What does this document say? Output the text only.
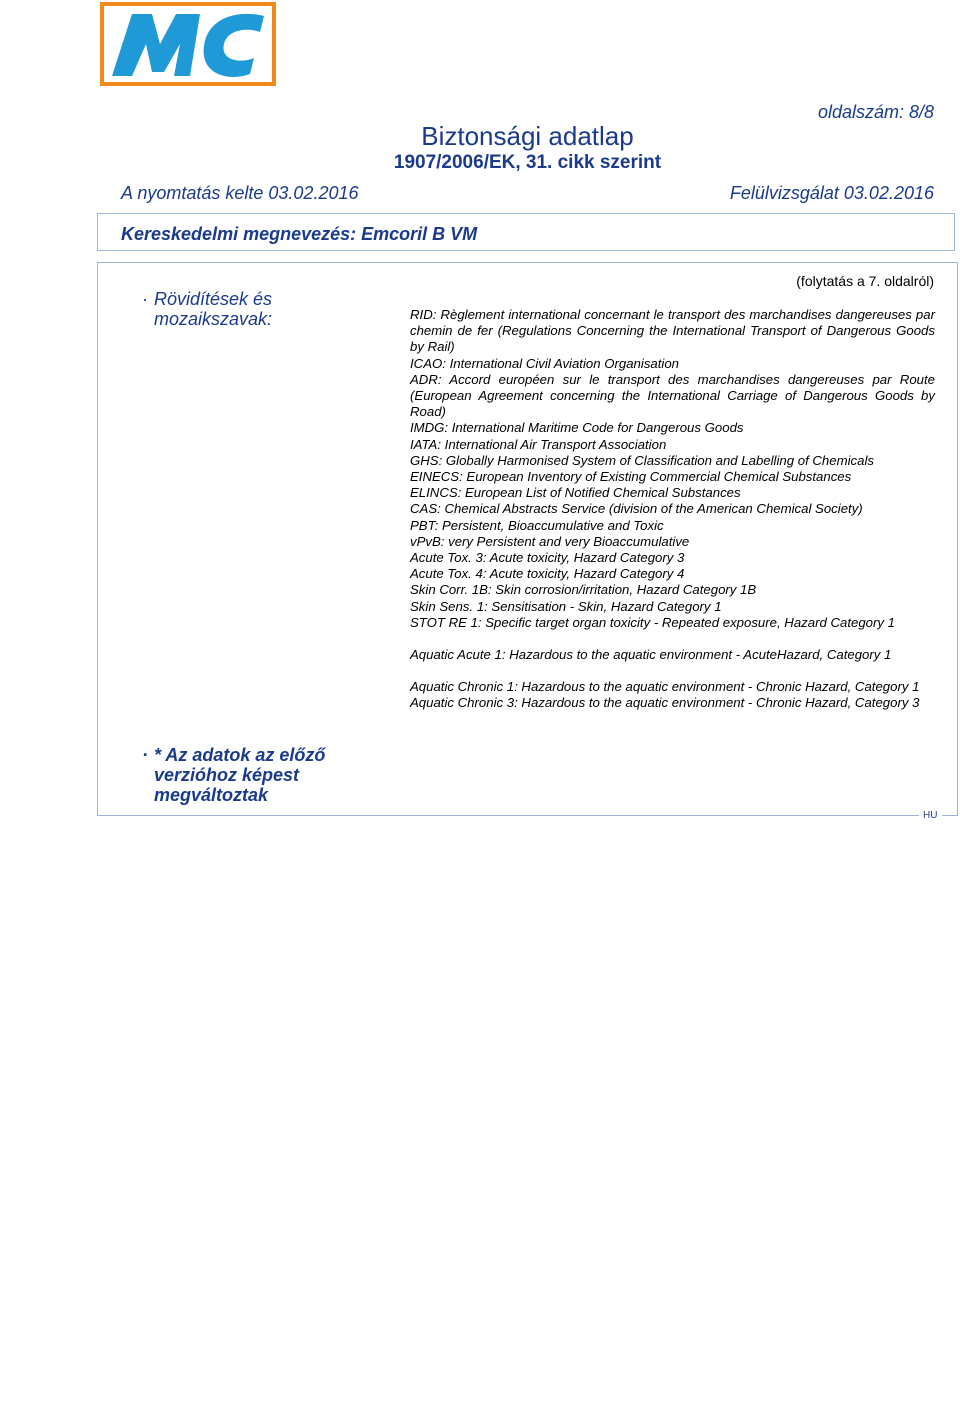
oldalszám: 8/8
Biztonsági adatlap
1907/2006/EK, 31. cikk szerint
A nyomtatás kelte 03.02.2016	Felülvizsgálat 03.02.2016
Kereskedelmi megnevezés: Emcoril B VM
HU
(folytatás a 7. oldalról)
· Rövidítések és
mozaikszavak:	RID: Règlement international concernant le transport des marchandises dangereuses par chemin de fer (Regulations Concerning the International Transport of Dangerous Goods by Rail)
ICAO: International Civil Aviation Organisation
ADR: Accord européen sur le transport des marchandises dangereuses par Route (European Agreement concerning the International Carriage of Dangerous Goods by Road)
IMDG: International Maritime Code for Dangerous Goods
IATA: International Air Transport Association
GHS: Globally Harmonised System of Classification and Labelling of Chemicals
EINECS: European Inventory of Existing Commercial Chemical Substances
ELINCS: European List of Notified Chemical Substances
CAS: Chemical Abstracts Service (division of the American Chemical Society)
PBT: Persistent, Bioaccumulative and Toxic
vPvB: very Persistent and very Bioaccumulative
Acute Tox. 3: Acute toxicity, Hazard Category 3
Acute Tox. 4: Acute toxicity, Hazard Category 4
Skin Corr. 1B: Skin corrosion/irritation, Hazard Category 1B
Skin Sens. 1: Sensitisation - Skin, Hazard Category 1
STOT RE 1: Specific target organ toxicity - Repeated exposure, Hazard Category 1
Aquatic Acute 1: Hazardous to the aquatic environment - AcuteHazard, Category 1
Aquatic Chronic 1: Hazardous to the aquatic environment - Chronic Hazard, Category 1
Aquatic Chronic 3: Hazardous to the aquatic environment - Chronic Hazard, Category 3
· * Az adatok az előző
verzióhoz képest
megváltoztak
